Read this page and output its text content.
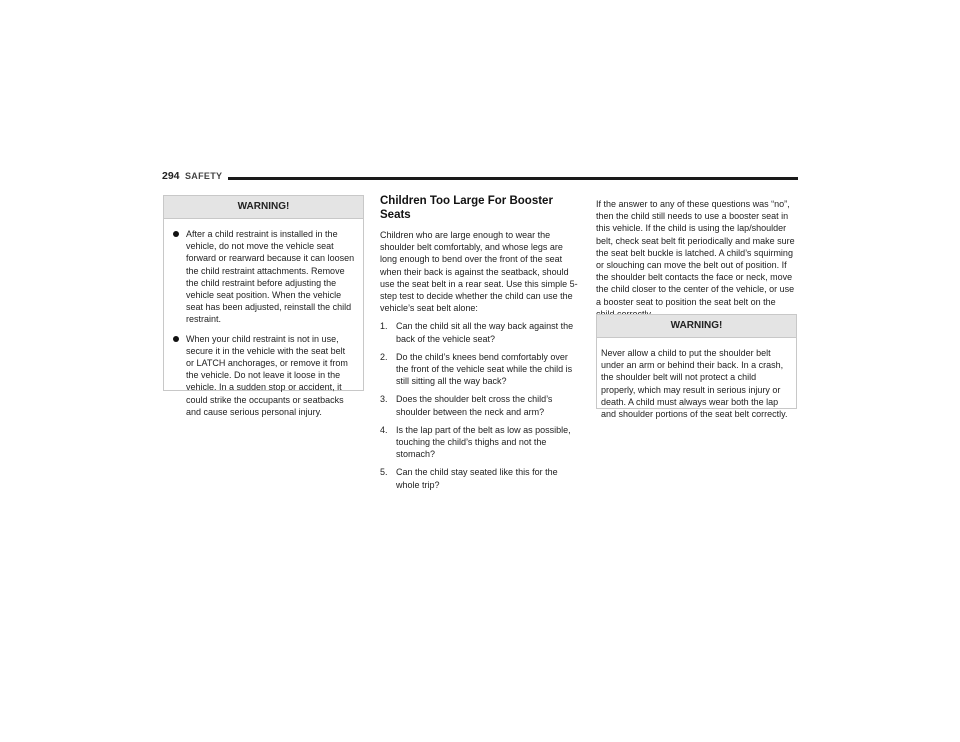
294 SAFETY
WARNING!
After a child restraint is installed in the vehicle, do not move the vehicle seat forward or rearward because it can loosen the child restraint attachments. Remove the child restraint before adjusting the vehicle seat position. When the vehicle seat has been adjusted, reinstall the child restraint.
When your child restraint is not in use, secure it in the vehicle with the seat belt or LATCH anchorages, or remove it from the vehicle. Do not leave it loose in the vehicle. In a sudden stop or accident, it could strike the occupants or seatbacks and cause serious personal injury.
Children Too Large For Booster Seats

Children who are large enough to wear the shoulder belt comfortably, and whose legs are long enough to bend over the front of the seat when their back is against the seatback, should use the seat belt in a rear seat. Use this simple 5-step test to decide whether the child can use the vehicle’s seat belt alone:

1. Can the child sit all the way back against the back of the vehicle seat?
2. Do the child’s knees bend comfortably over the front of the vehicle seat while the child is still sitting all the way back?
3. Does the shoulder belt cross the child’s shoulder between the neck and arm?
4. Is the lap part of the belt as low as possible, touching the child’s thighs and not the stomach?
5. Can the child stay seated like this for the whole trip?

If the answer to any of these questions was “no”, then the child still needs to use a booster seat in this vehicle. If the child is using the lap/shoulder belt, check seat belt fit periodically and make sure the seat belt buckle is latched. A child’s squirming or slouching can move the belt out of position. If the shoulder belt contacts the face or neck, move the child closer to the center of the vehicle, or use a booster seat to position the seat belt on the

WARNING!
Never allow a child to put the shoulder belt under an arm or behind their back. In a crash, the shoulder belt will not protect a child properly, which may result in serious injury or death. A child must always wear both the lap and shoulder portions of the seat belt correctly.
